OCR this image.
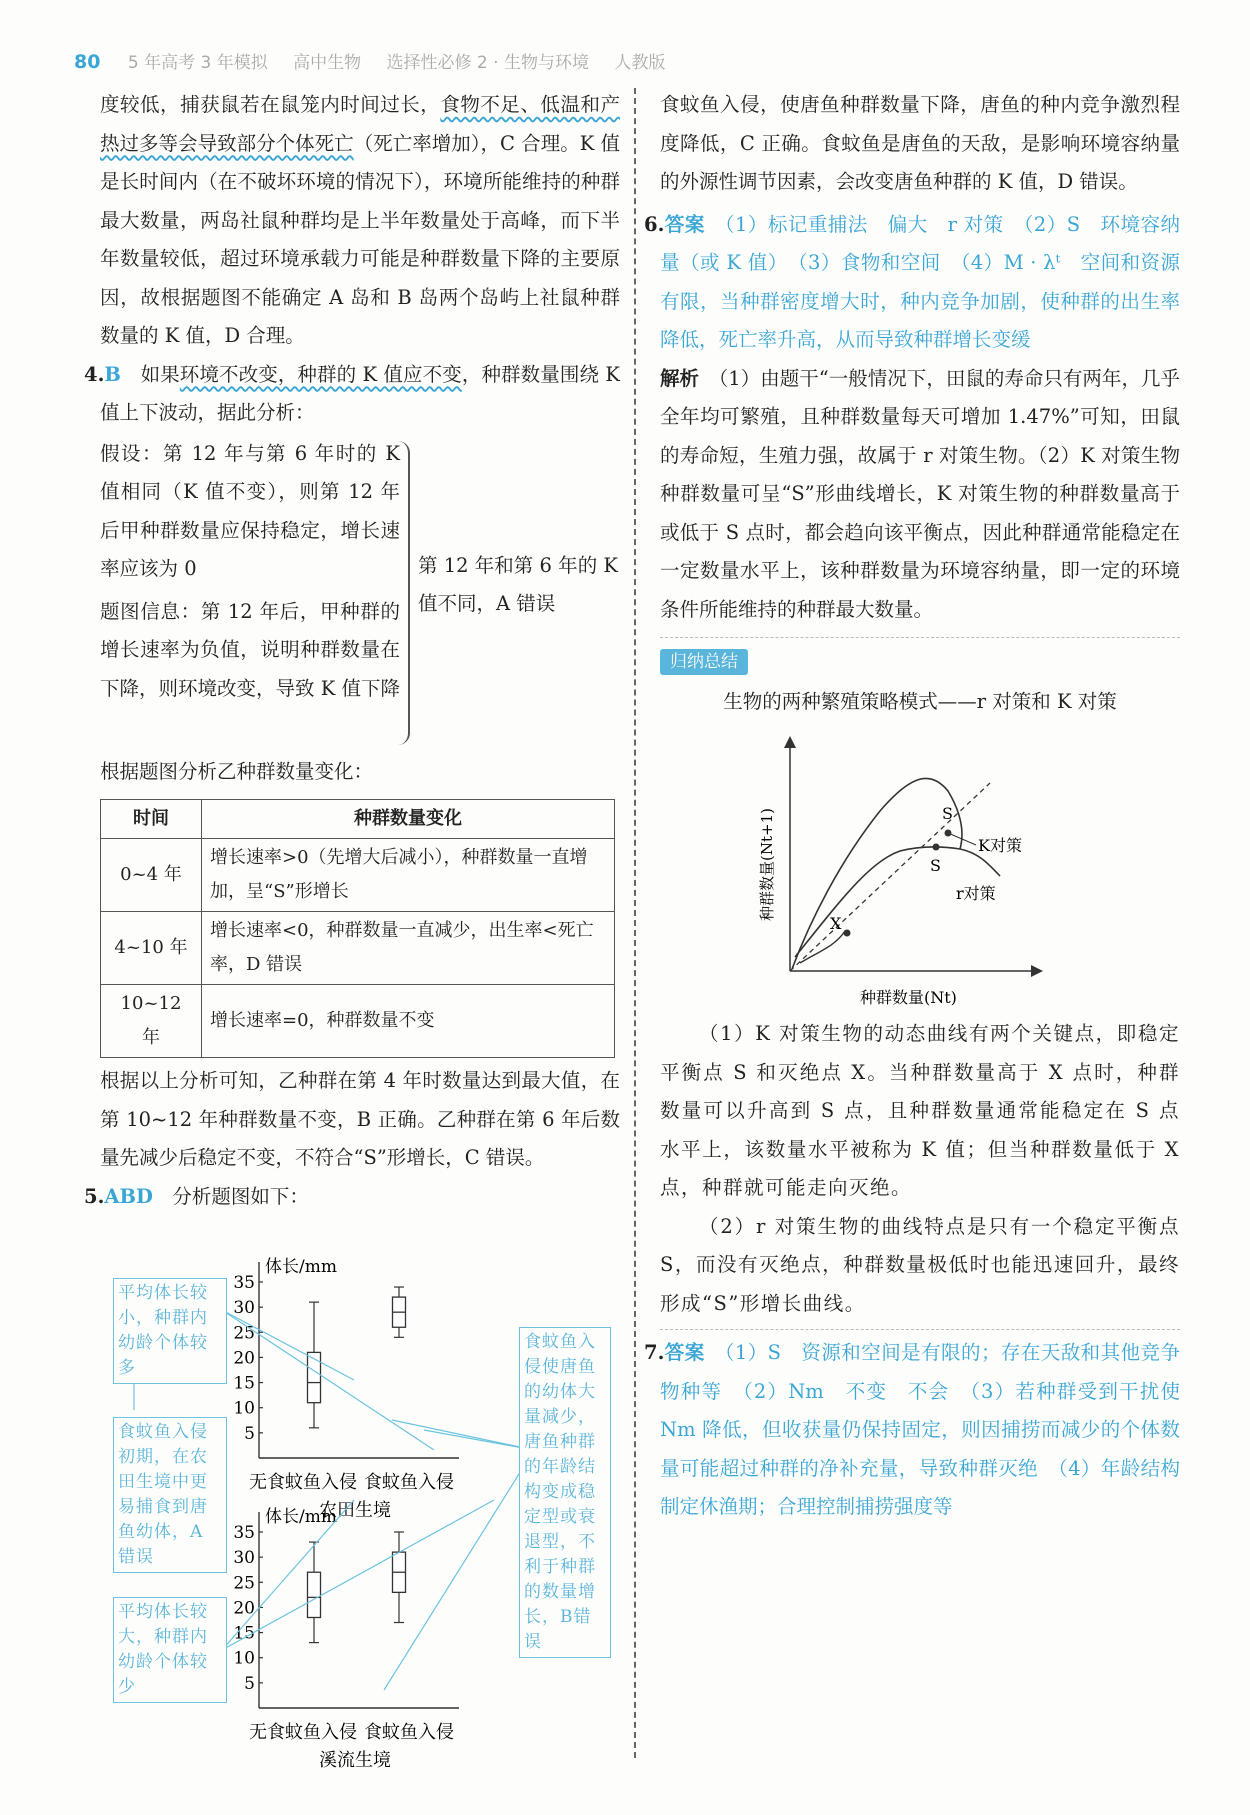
80 5 年高考 3 年模拟 高中生物 选择性必修 2 · 生物与环境 人教版

度较低，捕获鼠若在鼠笼内时间过长，食物不足、低温和产热过多等会导致部分个体死亡（死亡率增加），C 合理。K 值是长时间内（在不破坏环境的情况下），环境所能维持的种群最大数量，两岛社鼠种群均是上半年数量处于高峰，而下半年数量较低，超过环境承载力可能是种群数量下降的主要原因，故根据题图不能确定 A 岛和 B 岛两个岛屿上社鼠种群数量的 K 值，D 合理。

4.B　 如果环境不改变，种群的 K 值应不变，种群数量围绕 K 值上下波动，据此分析：

假设：第 12 年与第 6 年时的 K 值相同（K 值不变），则第 12 年后甲种群数量应保持稳定，增长速率应该为 0

题图信息：第 12 年后，甲种群的增长速率为负值，说明种群数量在下降，则环境改变，导致 K 值下降

第 12 年和第 6 年的 K 值不同，A 错误

根据题图分析乙种群数量变化：

时间	种群数量变化
0~4 年	增长速率>0（先增大后减小），种群数量一直增加，呈“S”形增长
4~10 年	增长速率<0，种群数量一直减少，出生率<死亡率，D 错误
10~12 年	增长速率=0，种群数量不变

根据以上分析可知，乙种群在第 4 年时数量达到最大值，在第 10~12 年种群数量不变，B 正确。乙种群在第 6 年后数量先减少后稳定不变，不符合“S”形增长，C 错误。

5.ABD　 分析题图如下：

体长/mm
5
10
15
20
25
30
35
无食蚊鱼入侵 食蚊鱼入侵
农田生境
体长/mm
5
10
15
20
25
30
35
无食蚊鱼入侵 食蚊鱼入侵
溪流生境
平均体长较小，种群内幼龄个体较多
食蚊鱼入侵初期，在农田生境中更易捕食到唐鱼幼体，A 错误
平均体长较大，种群内幼龄个体较少
食蚊鱼入侵使唐鱼的幼体大量减少，唐鱼种群的年龄结构变成稳定型或衰退型，不利于种群的数量增长，B错误

食蚊鱼入侵，使唐鱼种群数量下降，唐鱼的种内竞争激烈程度降低，C 正确。食蚊鱼是唐鱼的天敌，是影响环境容纳量的外源性调节因素，会改变唐鱼种群的 K 值，D 错误。

6.答案　 （1）标记重捕法　偏大　r 对策　（2）S　环境容纳量（或 K 值）　（3）食物和空间　（4）M · λᵗ　空间和资源有限，当种群密度增大时，种内竞争加剧，使种群的出生率降低，死亡率升高，从而导致种群增长变缓

解析　 （1）由题干“一般情况下，田鼠的寿命只有两年，几乎全年均可繁殖，且种群数量每天可增加 1.47%”可知，田鼠的寿命短，生殖力强，故属于 r 对策生物。（2）K 对策生物种群数量可呈“S”形曲线增长，K 对策生物的种群数量高于或低于 S 点时，都会趋向该平衡点，因此种群通常能稳定在一定数量水平上，该种群数量为环境容纳量，即一定的环境条件所能维持的种群最大数量。

归纳总结

生物的两种繁殖策略模式——r 对策和 K 对策

X
S
S
K对策
r对策
种群数量(Nt+1)
种群数量(Nt)

（1）K 对策生物的动态曲线有两个关键点，即稳定平衡点 S 和灭绝点 X。当种群数量高于 X 点时，种群数量可以升高到 S 点，且种群数量通常能稳定在 S 点水平上，该数量水平被称为 K 值；但当种群数量低于 X 点，种群就可能走向灭绝。

（2）r 对策生物的曲线特点是只有一个稳定平衡点 S，而没有灭绝点，种群数量极低时也能迅速回升，最终形成“S”形增长曲线。

7.答案　 （1）S　资源和空间是有限的；存在天敌和其他竞争物种等　（2）Nm　不变　不会　（3）若种群受到干扰使 Nm 降低，但收获量仍保持固定，则因捕捞而减少的个体数量可能超过种群的净补充量，导致种群灭绝　（4）年龄结构　制定休渔期；合理控制捕捞强度等
